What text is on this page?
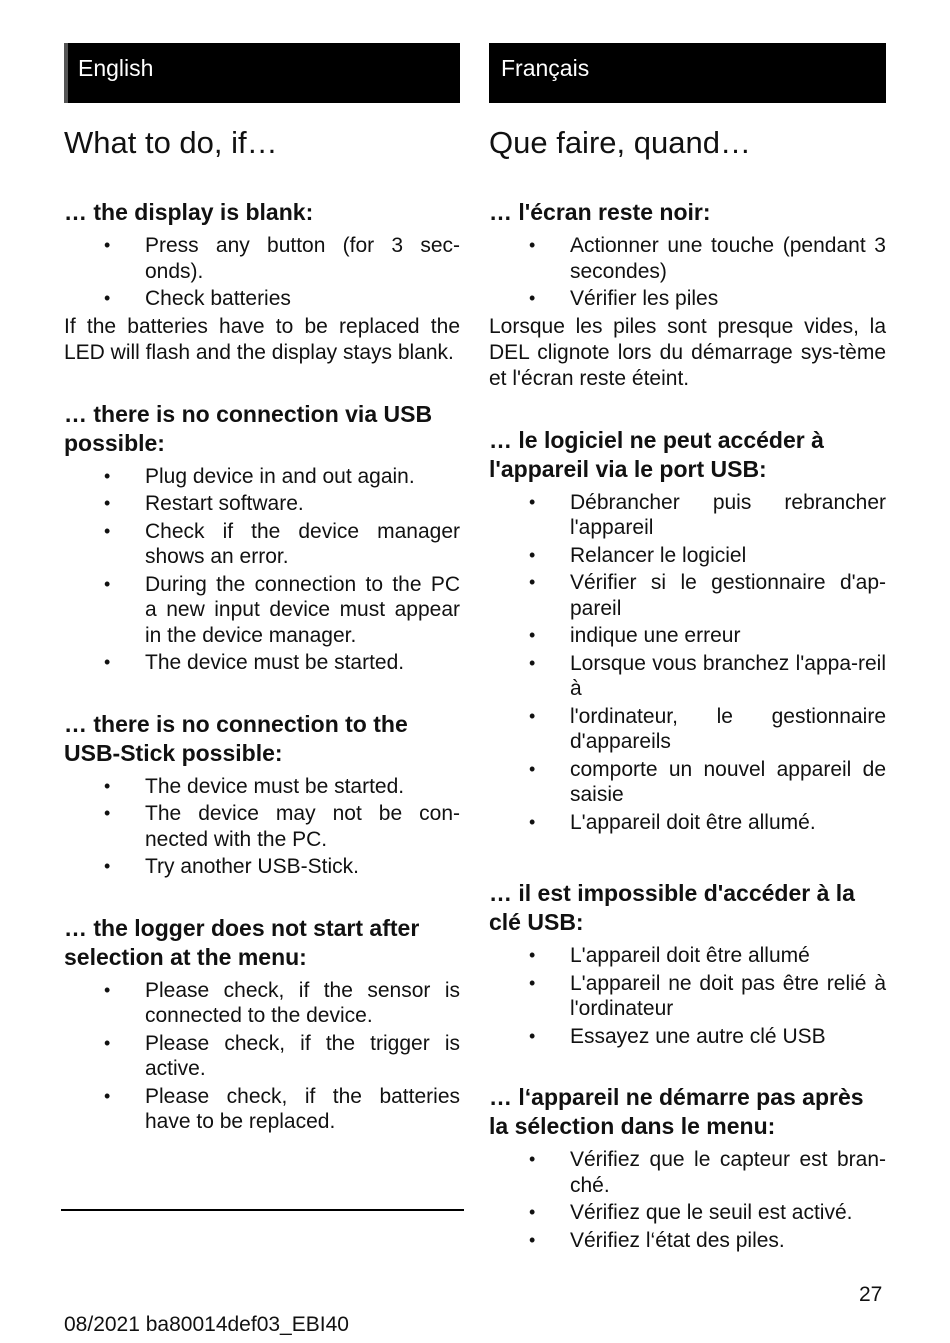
English
What to do, if…
… the display is blank:
• Press any button (for 3 sec-onds).
• Check batteries

If the batteries have to be replaced the LED will flash and the display stays blank.

… there is no connection via USB possible:
• Plug device in and out again.
• Restart software.
• Check if the device manager shows an error.
• During the connection to the PC a new input device must appear in the device manager.
• The device must be started.
… there is no connection to the USB-Stick possible:
• The device must be started.
• The device may not be con-nected with the PC.
• Try another USB-Stick.
… the logger does not start after selection at the menu:
• Please check, if the sensor is connected to the device.
• Please check, if the trigger is active.
• Please check, if the batteries have to be replaced.
Français
Que faire, quand…
… l'écran reste noir:
• Actionner une touche (pendant 3 secondes)
• Vérifier les piles

Lorsque les piles sont presque vides, la DEL clignote lors du démarrage sys-tème et l'écran reste éteint.

… le logiciel ne peut accéder à l'appareil via le port USB:
• Débrancher puis rebrancher l'appareil
• Relancer le logiciel
• Vérifier si le gestionnaire d'ap-pareil
• indique une erreur
• Lorsque vous branchez l'appa-reil à
• l'ordinateur, le gestionnaire d'appareils
• comporte un nouvel appareil de saisie
• L'appareil doit être allumé.
… il est impossible d'accéder à la clé USB:
• L'appareil doit être allumé
• L'appareil ne doit pas être relié à l'ordinateur
• Essayez une autre clé USB
… l‘appareil ne démarre pas après la sélection dans le menu:
• Vérifiez que le capteur est bran-ché.
• Vérifiez que le seuil est activé.
• Vérifiez l‘état des piles.
27
08/2021 ba80014def03_EBI40
